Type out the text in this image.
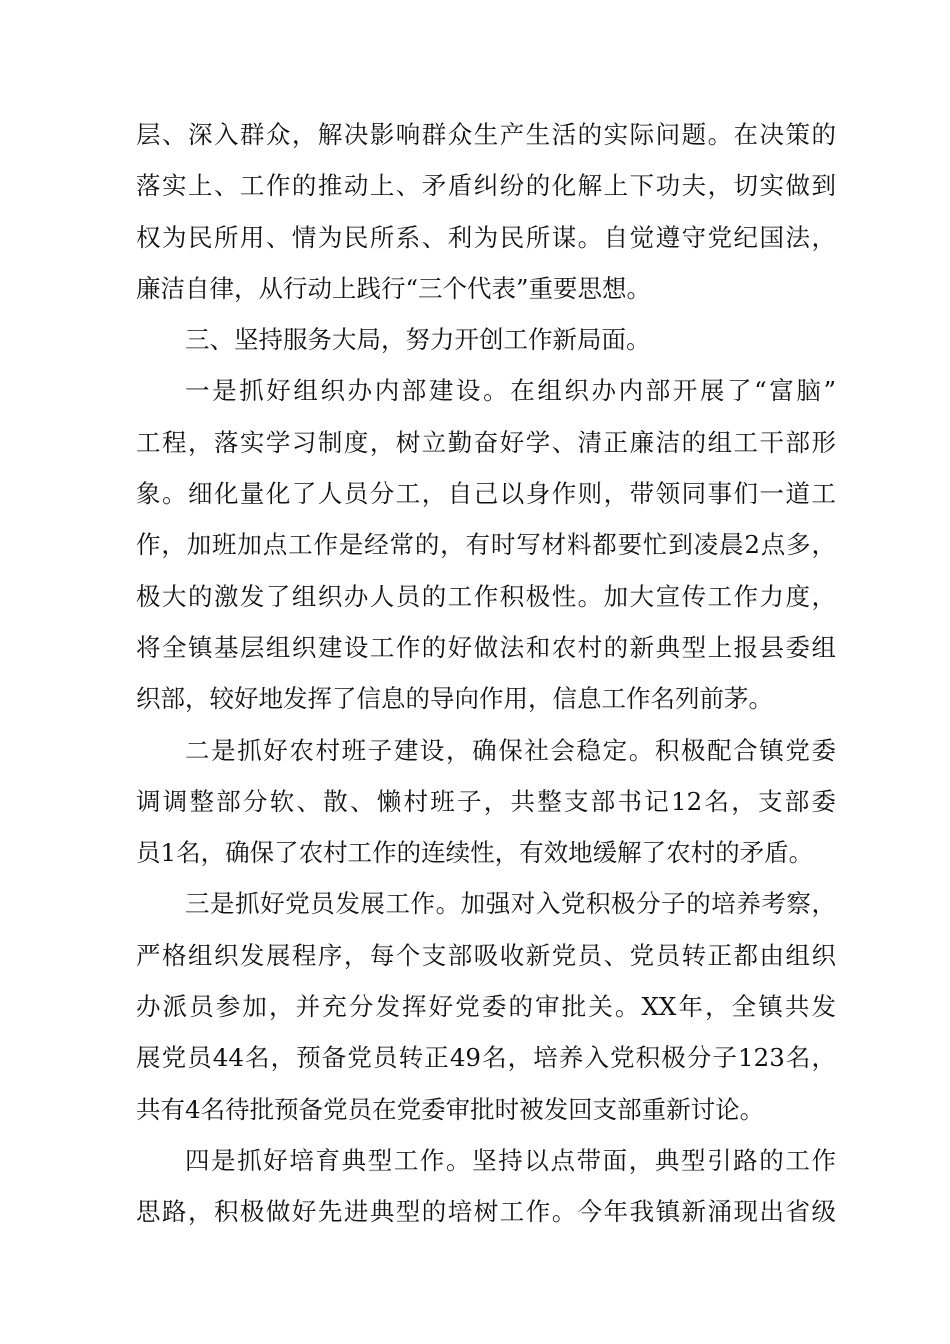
层、深入群众，解决影响群众生产生活的实际问题。在决策的
落实上、工作的推动上、矛盾纠纷的化解上下功夫，切实做到
权为民所用、情为民所系、利为民所谋。自觉遵守党纪国法，
廉洁自律，从行动上践行“三个代表”重要思想。
三、坚持服务大局，努力开创工作新局面。
一是抓好组织办内部建设。在组织办内部开展了“富脑”
工程，落实学习制度，树立勤奋好学、清正廉洁的组工干部形
象。细化量化了人员分工，自己以身作则，带领同事们一道工
作，加班加点工作是经常的，有时写材料都要忙到凌晨2点多，
极大的激发了组织办人员的工作积极性。加大宣传工作力度，
将全镇基层组织建设工作的好做法和农村的新典型上报县委组
织部，较好地发挥了信息的导向作用，信息工作名列前茅。
二是抓好农村班子建设，确保社会稳定。积极配合镇党委
调调整部分软、散、懒村班子，共整支部书记12名，支部委
员1名，确保了农村工作的连续性，有效地缓解了农村的矛盾。
三是抓好党员发展工作。加强对入党积极分子的培养考察，
严格组织发展程序，每个支部吸收新党员、党员转正都由组织
办派员参加，并充分发挥好党委的审批关。XX年，全镇共发
展党员44名，预备党员转正49名，培养入党积极分子123名，
共有4名待批预备党员在党委审批时被发回支部重新讨论。
四是抓好培育典型工作。坚持以点带面，典型引路的工作
思路，积极做好先进典型的培树工作。今年我镇新涌现出省级
